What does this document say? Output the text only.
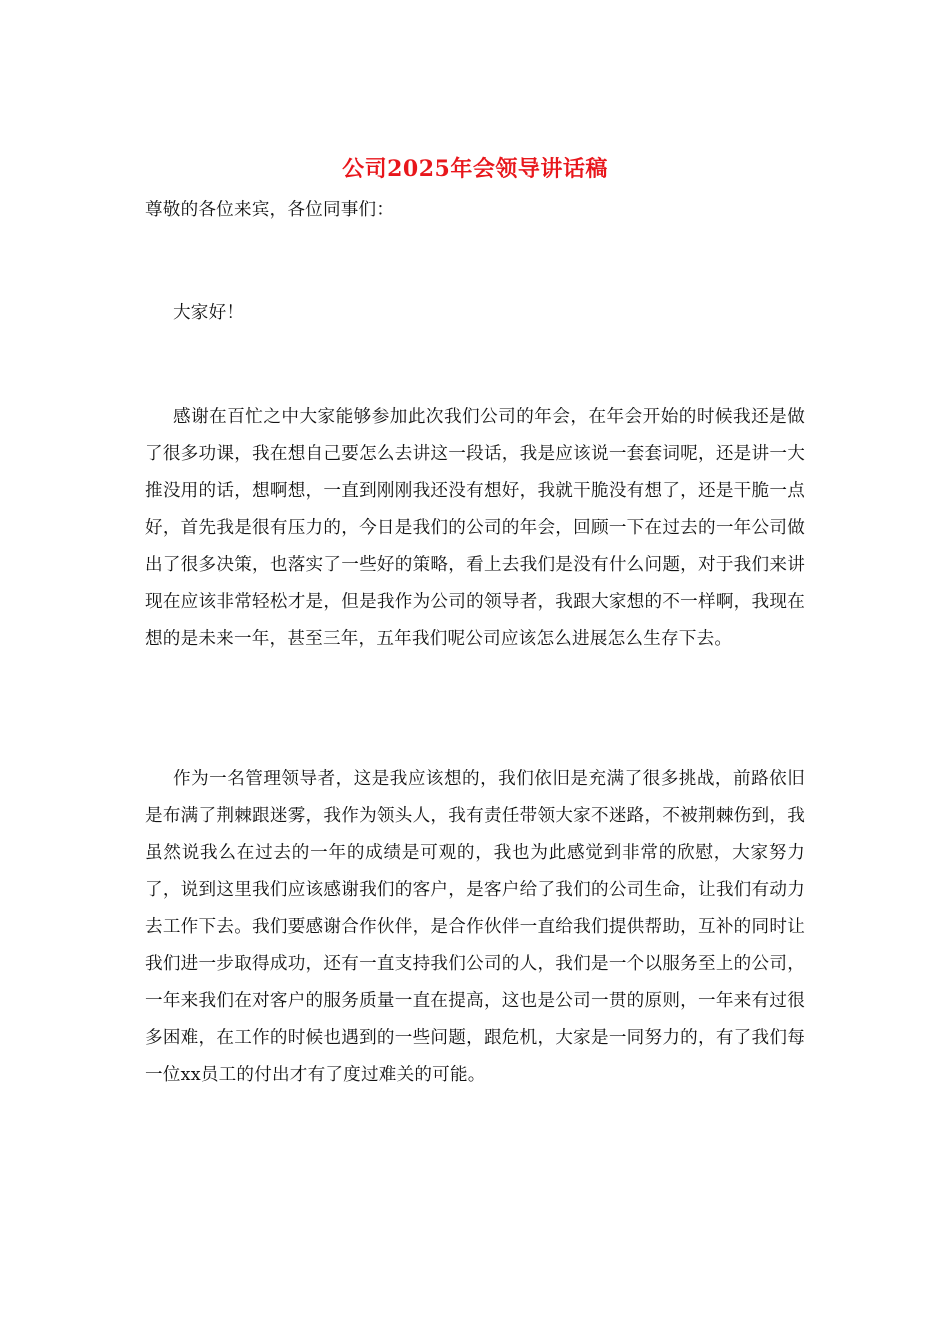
公司2025年会领导讲话稿
尊敬的各位来宾，各位同事们：
大家好！
感谢在百忙之中大家能够参加此次我们公司的年会，在年会开始的时候我还是做了很多功课，我在想自己要怎么去讲这一段话，我是应该说一套套词呢，还是讲一大推没用的话，想啊想，一直到刚刚我还没有想好，我就干脆没有想了，还是干脆一点好，首先我是很有压力的，今日是我们的公司的年会，回顾一下在过去的一年公司做出了很多决策，也落实了一些好的策略，看上去我们是没有什么问题，对于我们来讲现在应该非常轻松才是，但是我作为公司的领导者，我跟大家想的不一样啊，我现在想的是未来一年，甚至三年，五年我们呢公司应该怎么进展怎么生存下去。
作为一名管理领导者，这是我应该想的，我们依旧是充满了很多挑战，前路依旧是布满了荆棘跟迷雾，我作为领头人，我有责任带领大家不迷路，不被荆棘伤到，我虽然说我么在过去的一年的成绩是可观的，我也为此感觉到非常的欣慰，大家努力了，说到这里我们应该感谢我们的客户，是客户给了我们的公司生命，让我们有动力去工作下去。我们要感谢合作伙伴，是合作伙伴一直给我们提供帮助，互补的同时让我们进一步取得成功，还有一直支持我们公司的人，我们是一个以服务至上的公司，一年来我们在对客户的服务质量一直在提高，这也是公司一贯的原则，一年来有过很多困难，在工作的时候也遇到的一些问题，跟危机，大家是一同努力的，有了我们每一位xx员工的付出才有了度过难关的可能。
